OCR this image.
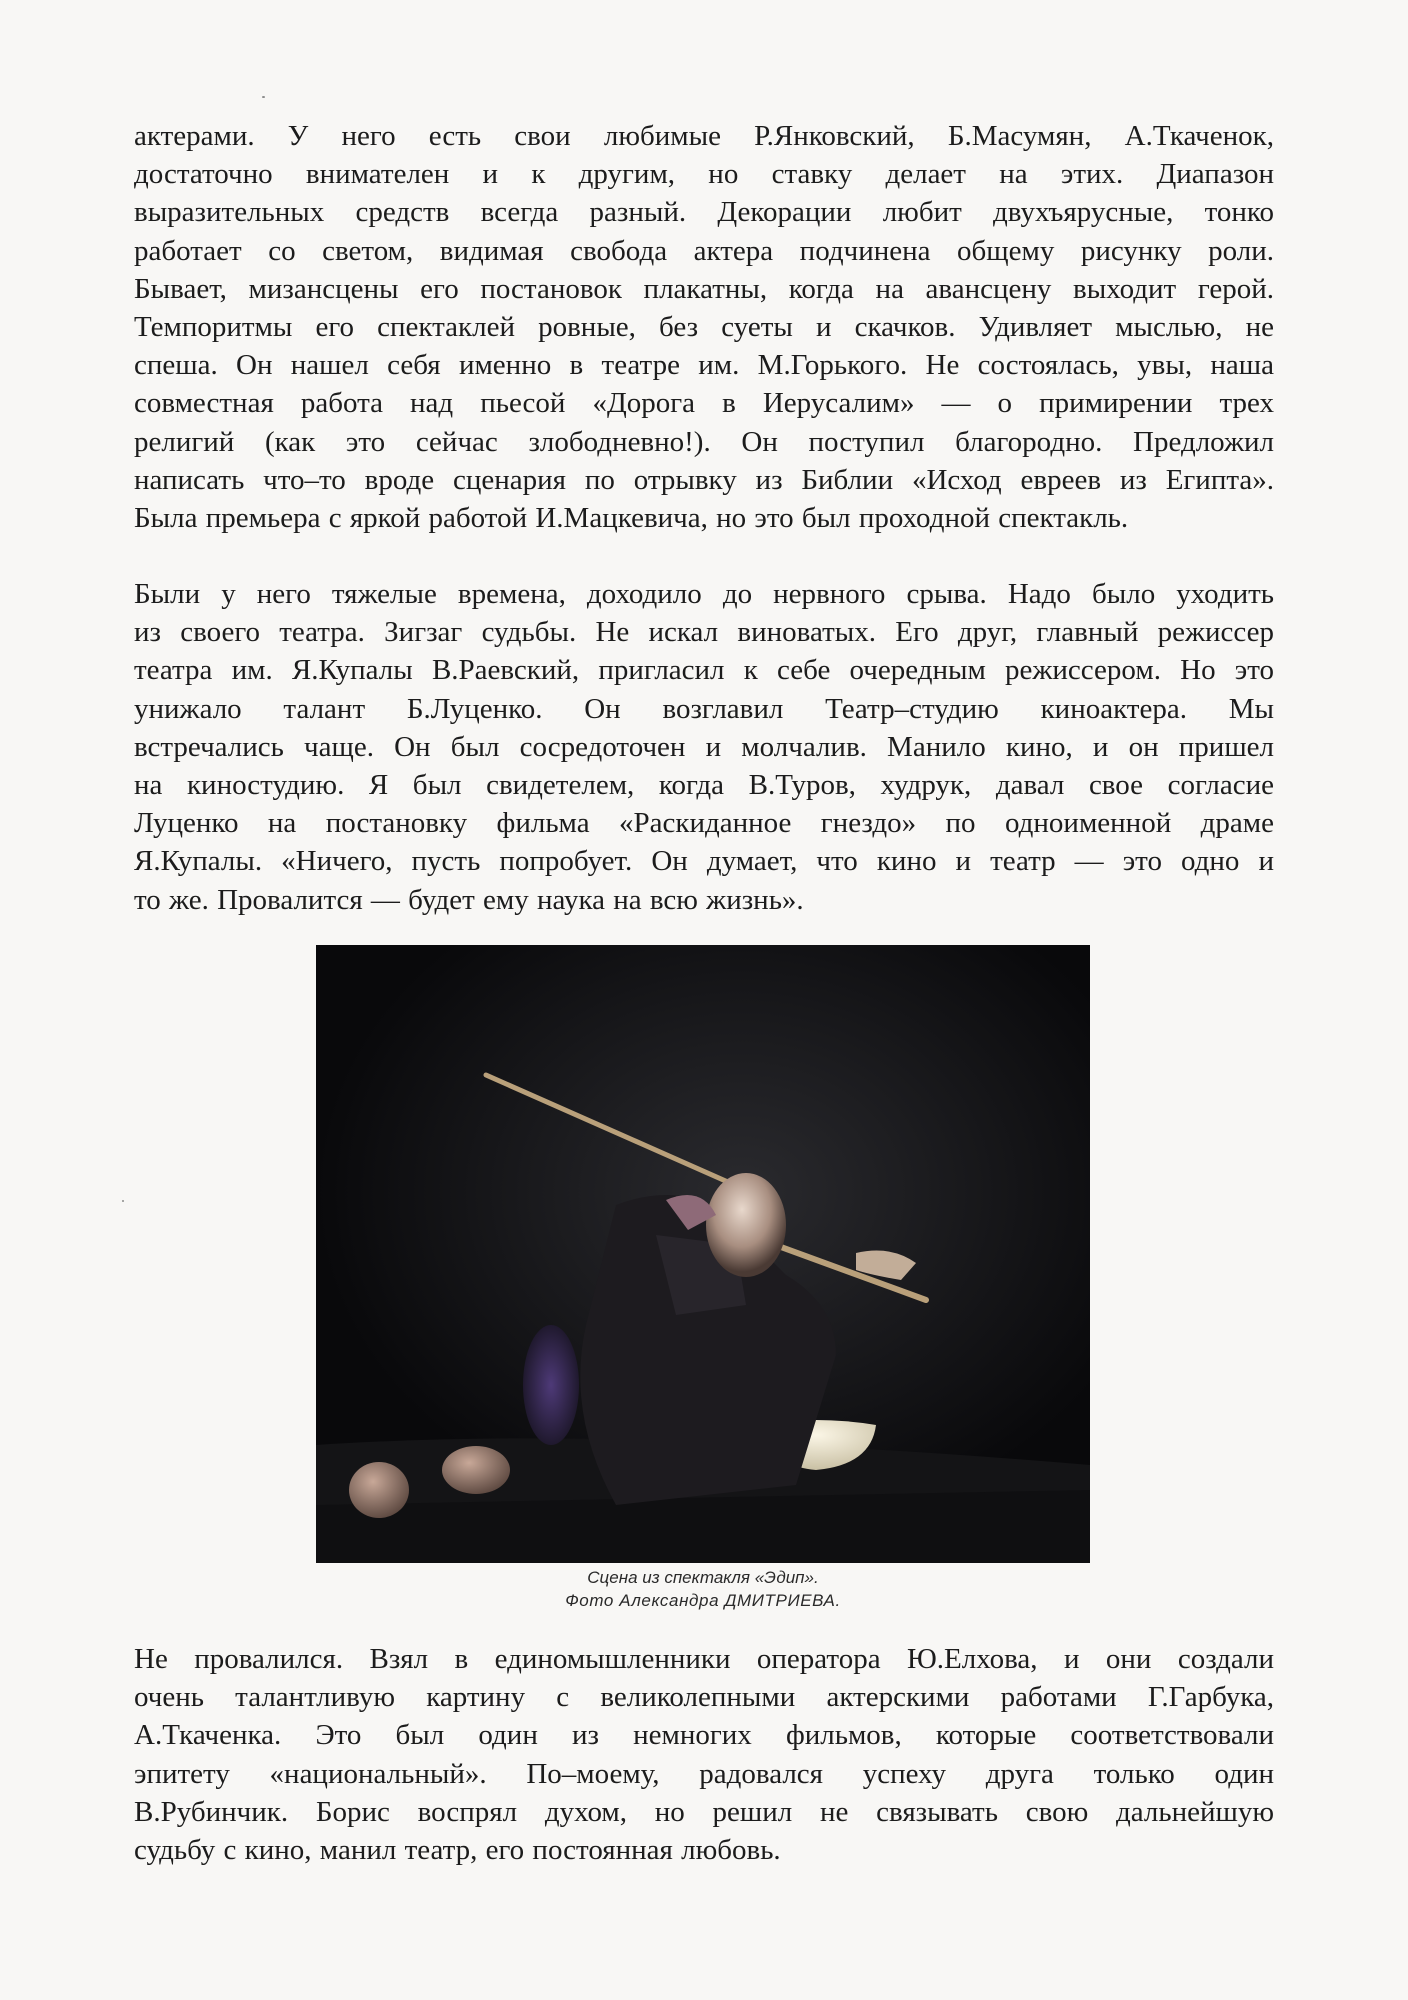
актерами. У него есть свои любимые Р.Янковский, Б.Масумян, А.Ткаченок,
достаточно внимателен и к другим, но ставку делает на этих. Диапазон
выразительных средств всегда разный. Декорации любит двухъярусные, тонко
работает со светом, видимая свобода актера подчинена общему рисунку роли.
Бывает, мизансцены его постановок плакатны, когда на авансцену выходит герой.
Темпоритмы его спектаклей ровные, без суеты и скачков. Удивляет мыслью, не
спеша. Он нашел себя именно в театре им. М.Горького. Не состоялась, увы, наша
совместная работа над пьесой «Дорога в Иерусалим» — о примирении трех
религий (как это сейчас злободневно!). Он поступил благородно. Предложил
написать что–то вроде сценария по отрывку из Библии «Исход евреев из Египта».
Была премьера с яркой работой И.Мацкевича, но это был проходной спектакль.
Были у него тяжелые времена, доходило до нервного срыва. Надо было уходить
из своего театра. Зигзаг судьбы. Не искал виноватых. Его друг, главный режиссер
театра им. Я.Купалы В.Раевский, пригласил к себе очередным режиссером. Но это
унижало талант Б.Луценко. Он возглавил Театр–студию киноактера. Мы
встречались чаще. Он был сосредоточен и молчалив. Манило кино, и он пришел
на киностудию. Я был свидетелем, когда В.Туров, худрук, давал свое согласие
Луценко на постановку фильма «Раскиданное гнездо» по одноименной драме
Я.Купалы. «Ничего, пусть попробует. Он думает, что кино и театр — это одно и
то же. Провалится — будет ему наука на всю жизнь».
Сцена из спектакля «Эдип».
Фото Александра ДМИТРИЕВА.
Не провалился. Взял в единомышленники оператора Ю.Елхова, и они создали
очень талантливую картину с великолепными актерскими работами Г.Гарбука,
А.Ткаченка. Это был один из немногих фильмов, которые соответствовали
эпитету «национальный». По–моему, радовался успеху друга только один
В.Рубинчик. Борис воспрял духом, но решил не связывать свою дальнейшую
судьбу с кино, манил театр, его постоянная любовь.
